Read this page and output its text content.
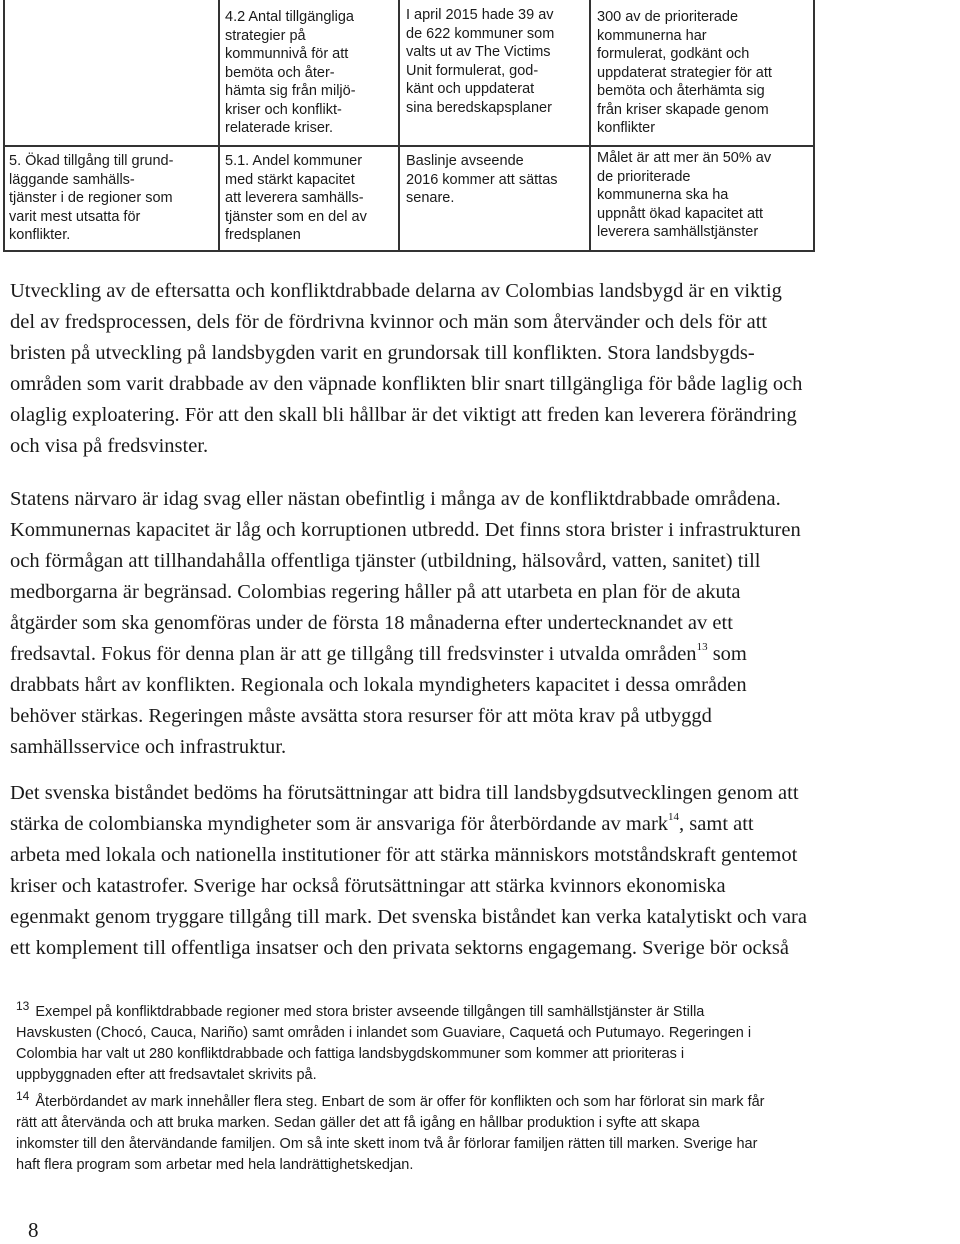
4.2 Antal tillgängliga
strategier på
kommunnivå för att
bemöta och åter-
hämta sig från miljö-
kriser och konflikt-
relaterade kriser.
I april 2015 hade 39 av
de 622 kommuner som
valts ut av The Victims
Unit formulerat, god-
känt och uppdaterat
sina beredskapsplaner
300 av de prioriterade
kommunerna har
formulerat, godkänt och
uppdaterat strategier för att
bemöta och återhämta sig
från kriser skapade genom
konflikter
5. Ökad tillgång till grund-
läggande samhälls-
tjänster i de regioner som
varit mest utsatta för
konflikter.
5.1. Andel kommuner
med stärkt kapacitet
att leverera samhälls-
tjänster som en del av
fredsplanen
Baslinje avseende
2016 kommer att sättas
senare.
Målet är att mer än 50% av
de prioriterade
kommunerna ska ha
uppnått ökad kapacitet att
leverera samhällstjänster
Utveckling av de eftersatta och konfliktdrabbade delarna av Colombias landsbygd är en viktig
del av fredsprocessen, dels för de fördrivna kvinnor och män som återvänder och dels för att
bristen på utveckling på landsbygden varit en grundorsak till konflikten. Stora landsbygds-
områden som varit drabbade av den väpnade konflikten blir snart tillgängliga för både laglig och
olaglig exploatering. För att den skall bli hållbar är det viktigt att freden kan leverera förändring
och visa på fredsvinster.
Statens närvaro är idag svag eller nästan obefintlig i många av de konfliktdrabbade områdena.
Kommunernas kapacitet är låg och korruptionen utbredd. Det finns stora brister i infrastrukturen
och förmågan att tillhandahålla offentliga tjänster (utbildning, hälsovård, vatten, sanitet) till
medborgarna är begränsad. Colombias regering håller på att utarbeta en plan för de akuta
åtgärder som ska genomföras under de första 18 månaderna efter undertecknandet av ett
fredsavtal. Fokus för denna plan är att ge tillgång till fredsvinster i utvalda områden$^{13}$ som
drabbats hårt av konflikten. Regionala och lokala myndigheters kapacitet i dessa områden
behöver stärkas. Regeringen måste avsätta stora resurser för att möta krav på utbyggd
samhällsservice och infrastruktur.
Det svenska biståndet bedöms ha förutsättningar att bidra till landsbygdsutvecklingen genom att
stärka de colombianska myndigheter som är ansvariga för återbördande av mark$^{14}$, samt att
arbeta med lokala och nationella institutioner för att stärka människors motståndskraft gentemot
kriser och katastrofer. Sverige har också förutsättningar att stärka kvinnors ekonomiska
egenmakt genom tryggare tillgång till mark. Det svenska biståndet kan verka katalytiskt och vara
ett komplement till offentliga insatser och den privata sektorns engagemang. Sverige bör också
$^{13}$ Exempel på konfliktdrabbade regioner med stora brister avseende tillgången till samhällstjänster är Stilla
Havskusten (Chocó, Cauca, Nariño) samt områden i inlandet som Guaviare, Caquetá och Putumayo. Regeringen i
Colombia har valt ut 280 konfliktdrabbade och fattiga landsbygdskommuner som kommer att prioriteras i
uppbyggnaden efter att fredsavtalet skrivits på.
$^{14}$ Återbördandet av mark innehåller flera steg. Enbart de som är offer för konflikten och som har förlorat sin mark får
rätt att återvända och att bruka marken. Sedan gäller det att få igång en hållbar produktion i syfte att skapa
inkomster till den återvändande familjen. Om så inte skett inom två år förlorar familjen rätten till marken. Sverige har
haft flera program som arbetar med hela landrättighetskedjan.
8
